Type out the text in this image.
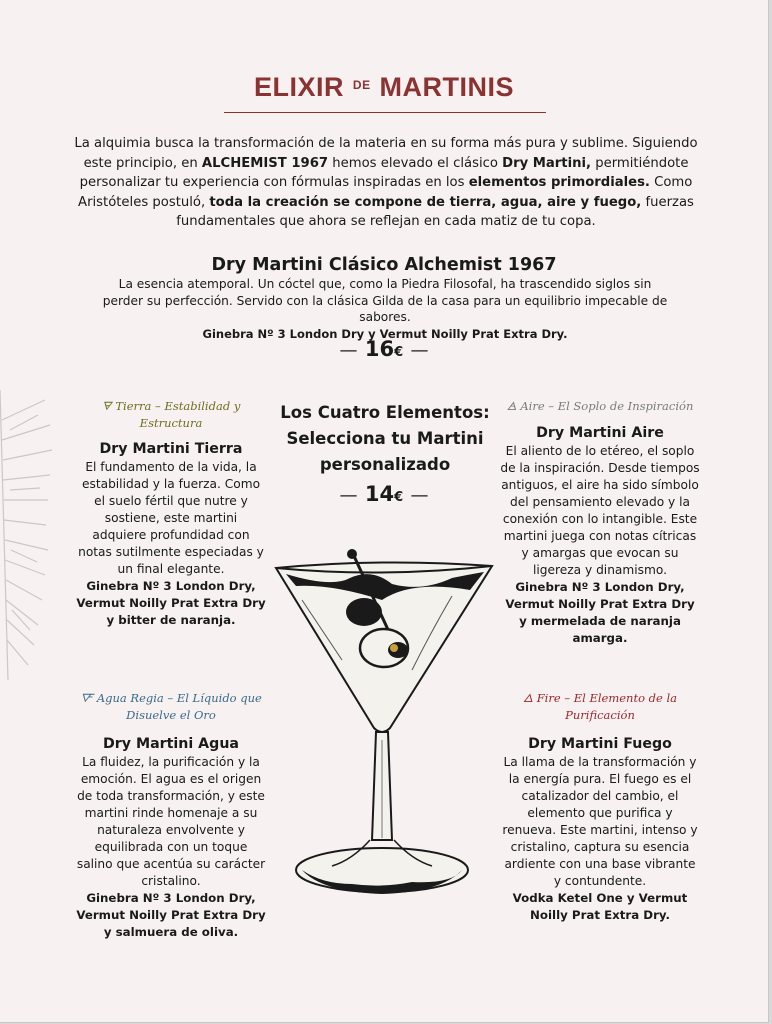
ELIXIR $^{DE}$ MARTINIS
La alquimia busca la transformación de la materia en su forma más pura y sublime. Siguiendo este principio, en ALCHEMIST 1967 hemos elevado el clásico Dry Martini, permitiéndote personalizar tu experiencia con fórmulas inspiradas en los elementos primordiales. Como Aristóteles postuló, toda la creación se compone de tierra, agua, aire y fuego, fuerzas fundamentales que ahora se reflejan en cada matiz de tu copa.
Dry Martini Clásico Alchemist 1967
La esencia atemporal. Un cóctel que, como la Piedra Filosofal, ha trascendido siglos sin perder su perfección. Servido con la clásica Gilda de la casa para un equilibrio impecable de sabores.
Ginebra Nº 3 London Dry y Vermut Noilly Prat Extra Dry.
— 16€ —
Los Cuatro Elementos: Selecciona tu Martini personalizado
— 14€ —
🜃 Tierra – Estabilidad y Estructura
Dry Martini Tierra
El fundamento de la vida, la estabilidad y la fuerza. Como el suelo fértil que nutre y sostiene, este martini adquiere profundidad con notas sutilmente especiadas y un final elegante.
Ginebra Nº 3 London Dry, Vermut Noilly Prat Extra Dry y bitter de naranja.
🜁 Aire – El Soplo de Inspiración
Dry Martini Aire
El aliento de lo etéreo, el soplo de la inspiración. Desde tiempos antiguos, el aire ha sido símbolo del pensamiento elevado y la conexión con lo intangible. Este martini juega con notas cítricas y amargas que evocan su ligereza y dinamismo.
Ginebra Nº 3 London Dry, Vermut Noilly Prat Extra Dry y mermelada de naranja amarga.
🜅 Agua Regia – El Líquido que Disuelve el Oro
Dry Martini Agua
La fluidez, la purificación y la emoción. El agua es el origen de toda transformación, y este martini rinde homenaje a su naturaleza envolvente y equilibrada con un toque salino que acentúa su carácter cristalino.
Ginebra Nº 3 London Dry, Vermut Noilly Prat Extra Dry y salmuera de oliva.
🜂 Fire – El Elemento de la Purificación
Dry Martini Fuego
La llama de la transformación y la energía pura. El fuego es el catalizador del cambio, el elemento que purifica y renueva. Este martini, intenso y cristalino, captura su esencia ardiente con una base vibrante y contundente.
Vodka Ketel One y Vermut Noilly Prat Extra Dry.
